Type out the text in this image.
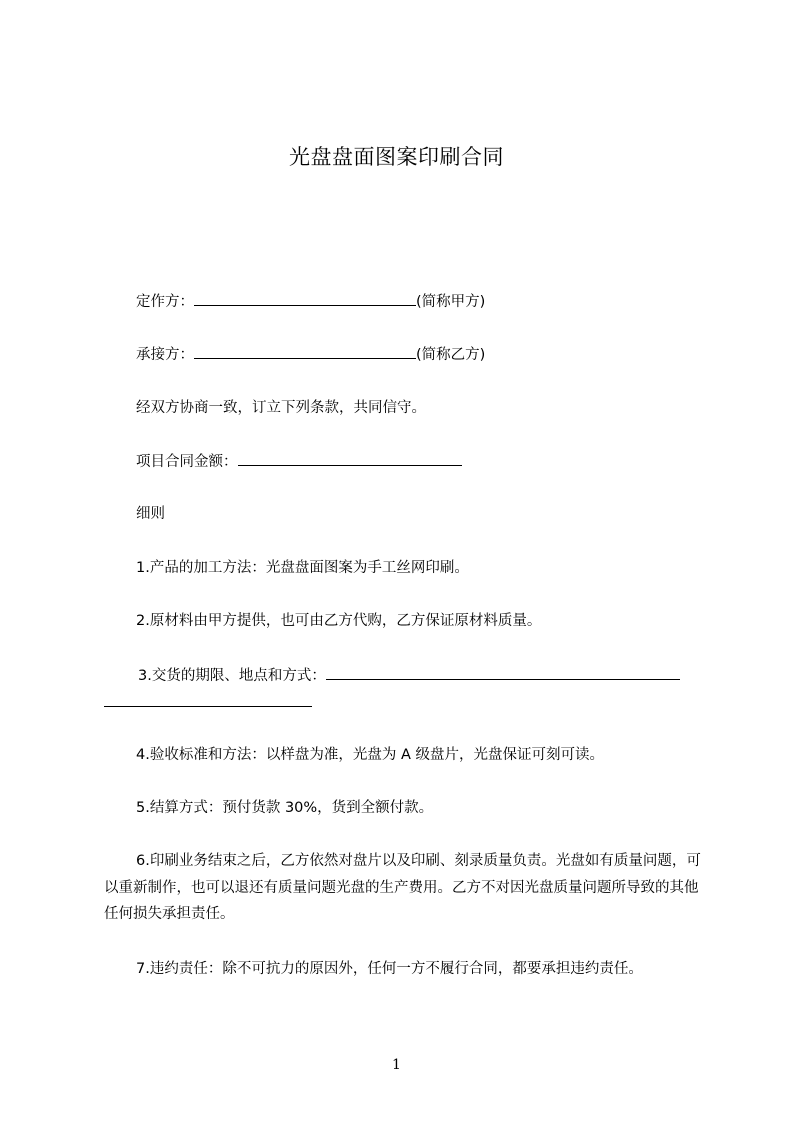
光盘盘面图案印刷合同
定作方：	(简称甲方)
承接方：	(简称乙方)
经双方协商一致，订立下列条款，共同信守。
项目合同金额：
细则
1.产品的加工方法：光盘盘面图案为手工丝网印刷。
2.原材料由甲方提供，也可由乙方代购，乙方保证原材料质量。
3.交货的期限、地点和方式：
4.验收标准和方法：以样盘为准，光盘为 A 级盘片，光盘保证可刻可读。
5.结算方式：预付货款 30%，货到全额付款。
6.印刷业务结束之后，乙方依然对盘片以及印刷、刻录质量负责。光盘如有质量问题，可以重新制作，也可以退还有质量问题光盘的生产费用。乙方不对因光盘质量问题所导致的其他任何损失承担责任。
7.违约责任：除不可抗力的原因外，任何一方不履行合同，都要承担违约责任。
1
